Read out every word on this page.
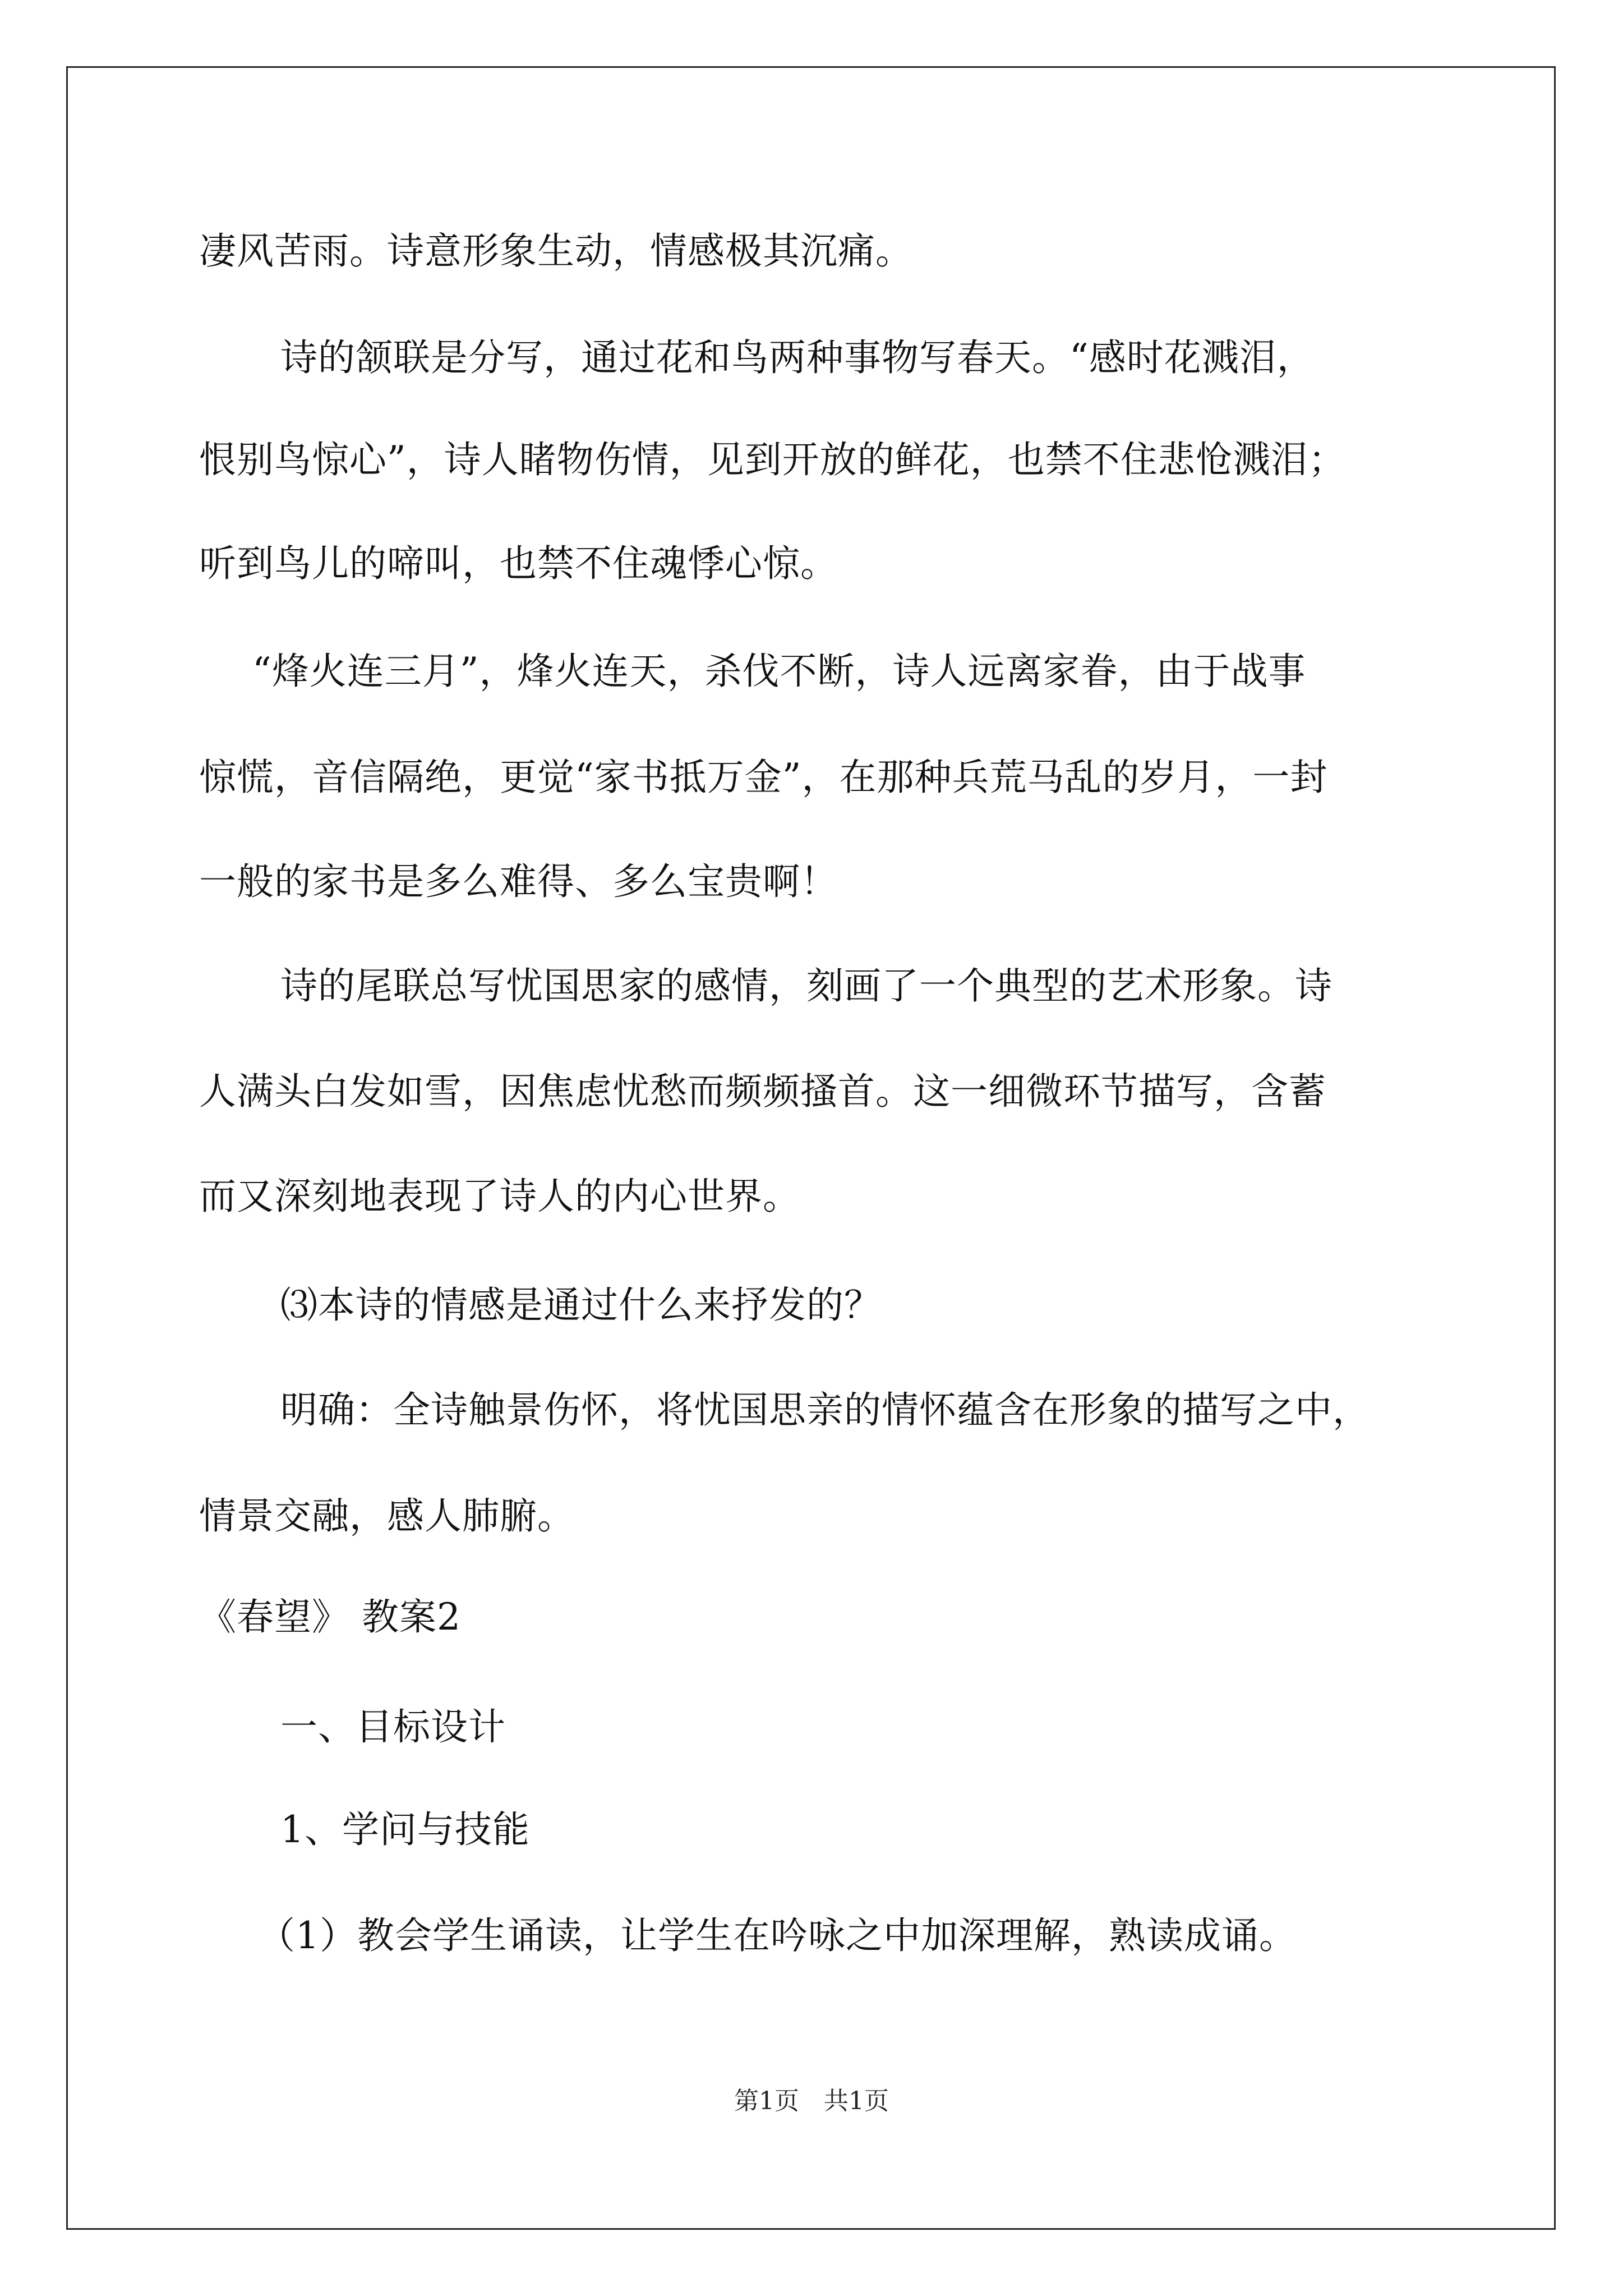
凄风苦雨。诗意形象生动，情感极其沉痛。
诗的颔联是分写，通过花和鸟两种事物写春天。“感时花溅泪，
恨别鸟惊心”，诗人睹物伤情，见到开放的鲜花，也禁不住悲怆溅泪；
听到鸟儿的啼叫，也禁不住魂悸心惊。
“烽火连三月”，烽火连天，杀伐不断，诗人远离家眷，由于战事
惊慌，音信隔绝，更觉“家书抵万金”，在那种兵荒马乱的岁月，一封
一般的家书是多么难得、多么宝贵啊！
诗的尾联总写忧国思家的感情，刻画了一个典型的艺术形象。诗
人满头白发如雪，因焦虑忧愁而频频搔首。这一细微环节描写，含蓄
而又深刻地表现了诗人的内心世界。
⑶本诗的情感是通过什么来抒发的？
明确：全诗触景伤怀，将忧国思亲的情怀蕴含在形象的描写之中，
情景交融，感人肺腑。
《春望》 教案2
一、目标设计
1、学问与技能
（1）教会学生诵读，让学生在吟咏之中加深理解，熟读成诵。
第1页　共1页
